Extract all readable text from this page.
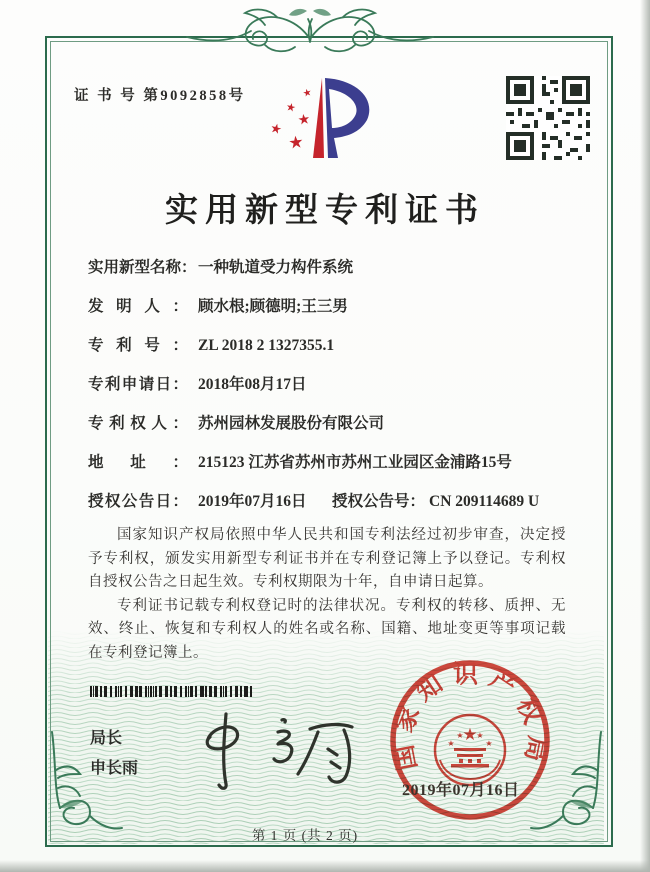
证 书 号 第9092858号	★
★
★
★
★
实用新型专利证书
实用新型名称：一种轨道受力构件系统
发明人： 顾水根;顾德明;王三男
专利号： ZL 2018 2 1327355.1
专利申请日： 2018年08月17日
专利权人： 苏州园林发展股份有限公司
地址： 215123 江苏省苏州市苏州工业园区金浦路15号
授权公告日： 2019年07月16日 授权公告号： CN 209114689 U

国家知识产权局依照中华人民共和国专利法经过初步审查，决定授予专利权，颁发实用新型专利证书并在专利登记簿上予以登记。专利权自授权公告之日起生效。专利权期限为十年，自申请日起算。

专利证书记载专利权登记时的法律状况。专利权的转移、质押、无效、终止、恢复和专利权人的姓名或名称、国籍、地址变更等事项记载在专利登记簿上。

局长
申长雨	国家知识产权局
★
★
★ ★
★
2019年07月16日
第 1 页 (共 2 页)
